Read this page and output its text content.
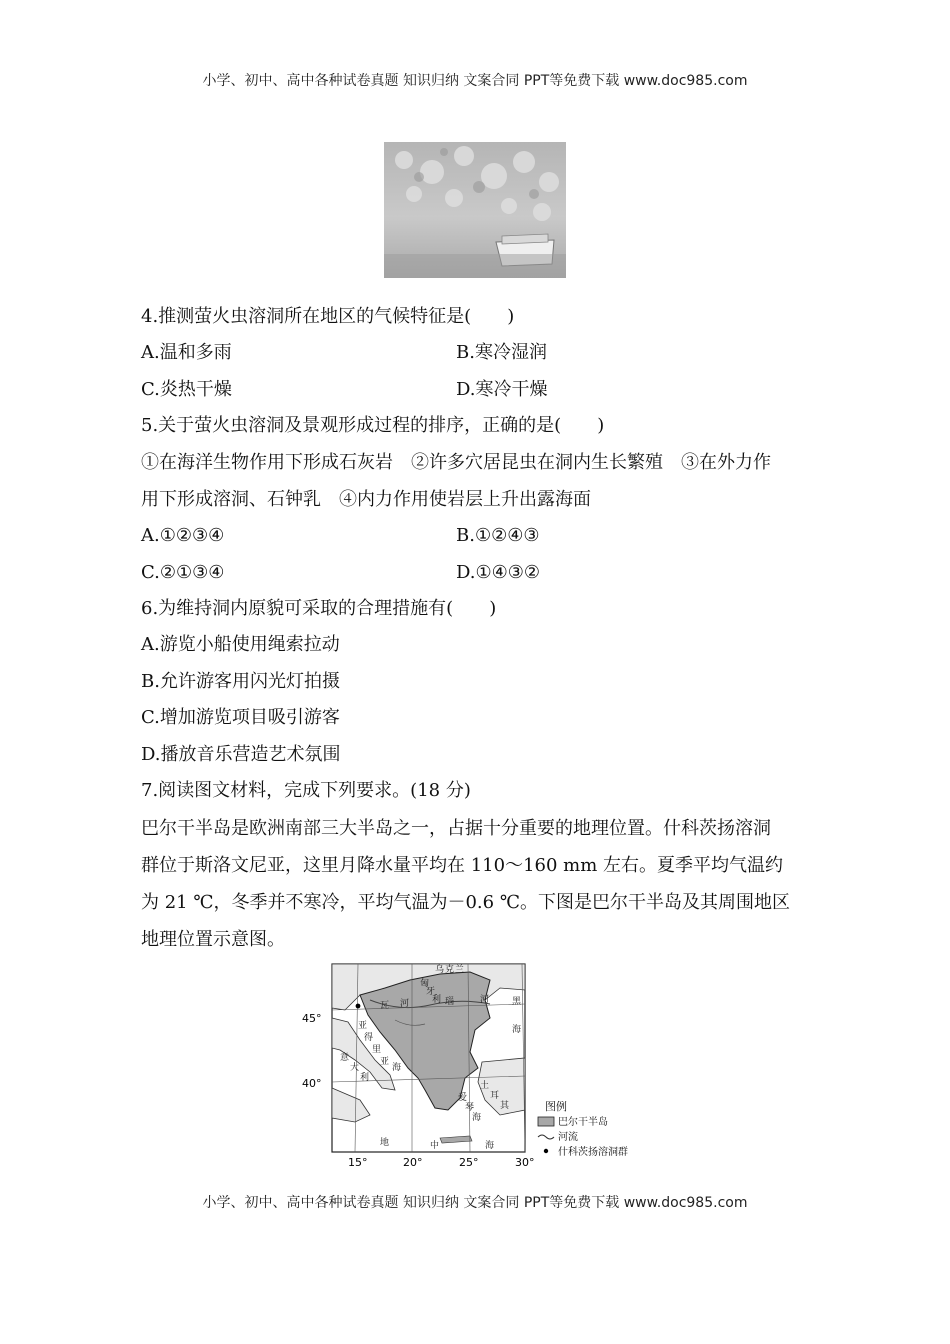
小学、初中、高中各种试卷真题 知识归纳 文案合同 PPT等免费下载 www.doc985.com
4.推测萤火虫溶洞所在地区的气候特征是(　　)
A.温和多雨	B.寒冷湿润
C.炎热干燥	D.寒冷干燥
5.关于萤火虫溶洞及景观形成过程的排序，正确的是(　　)
①在海洋生物作用下形成石灰岩　②许多穴居昆虫在洞内生长繁殖　③在外力作
用下形成溶洞、石钟乳　④内力作用使岩层上升出露海面
A.①②③④	B.①②④③
C.②①③④	D.①④③②
6.为维持洞内原貌可采取的合理措施有(　　)
A.游览小船使用绳索拉动
B.允许游客用闪光灯拍摄
C.增加游览项目吸引游客
D.播放音乐营造艺术氛围
7.阅读图文材料，完成下列要求。(18 分)
巴尔干半岛是欧洲南部三大半岛之一，占据十分重要的地理位置。什科茨扬溶洞
群位于斯洛文尼亚，这里月降水量平均在 110～160 mm 左右。夏季平均气温约
为 21 ℃，冬季并不寒冷，平均气温为－0.6 ℃。下图是巴尔干半岛及其周围地区
地理位置示意图。
45°
40°
15°	20°	25°	30°
乌 克 兰
匈
牙
利
瓦 河	瑙	河	黑
海
亚
得
里
亚
海
意
大
利
土
耳
其
爱
琴
海
地	中	海
图例
巴尔干半岛
河流
什科茨扬溶洞群
小学、初中、高中各种试卷真题 知识归纳 文案合同 PPT等免费下载 www.doc985.com
